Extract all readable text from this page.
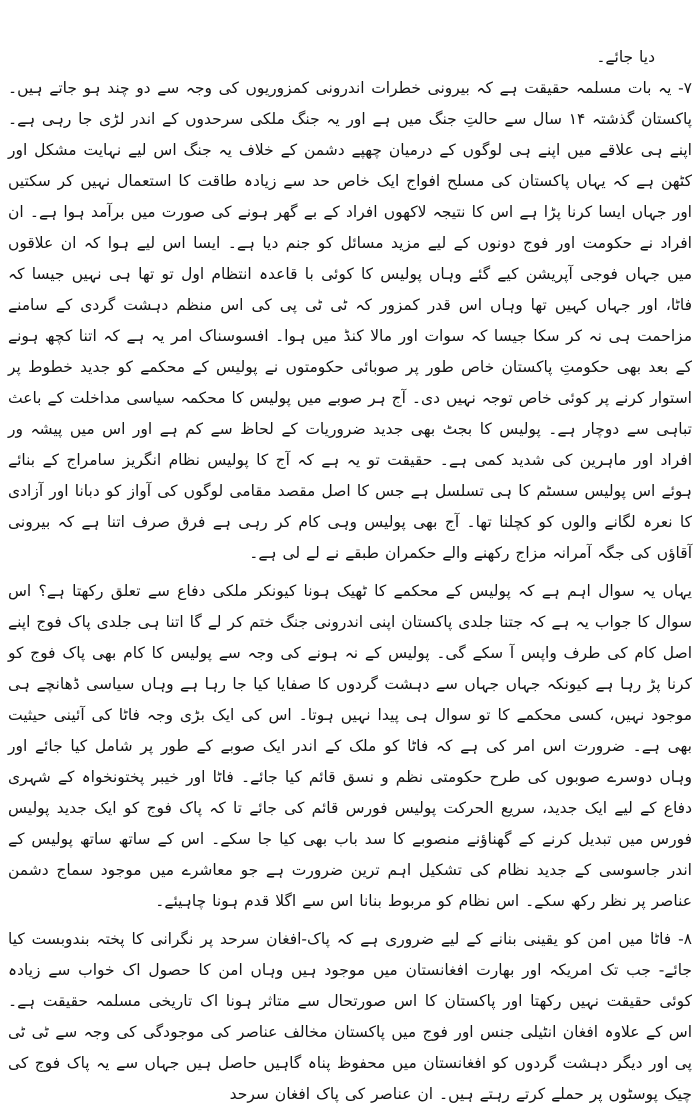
دیا جائے۔

۷- یہ بات مسلمہ حقیقت ہے کہ بیرونی خطرات اندرونی کمزوریوں کی وجہ سے دو چند ہو جاتے ہیں۔ پاکستان گذشتہ ۱۴ سال سے حالتِ جنگ میں ہے اور یہ جنگ ملکی سرحدوں کے اندر لڑی جا رہی ہے۔ اپنے ہی علاقے میں اپنے ہی لوگوں کے درمیان چھپے دشمن کے خلاف یہ جنگ اس لیے نہایت مشکل اور کٹھن ہے کہ یہاں پاکستان کی مسلح افواج ایک خاص حد سے زیادہ طاقت کا استعمال نہیں کر سکتیں اور جہاں ایسا کرنا پڑا ہے اس کا نتیجہ لاکھوں افراد کے بے گھر ہونے کی صورت میں برآمد ہوا ہے۔ ان افراد نے حکومت اور فوج دونوں کے لیے مزید مسائل کو جنم دیا ہے۔ ایسا اس لیے ہوا کہ ان علاقوں میں جہاں فوجی آپریشن کیے گئے وہاں پولیس کا کوئی با قاعدہ انتظام اول تو تھا ہی نہیں جیسا کہ فاٹا، اور جہاں کہیں تھا وہاں اس قدر کمزور کہ ٹی ٹی پی کی اس منظم دہشت گردی کے سامنے مزاحمت ہی نہ کر سکا جیسا کہ سوات اور مالا کنڈ میں ہوا۔ افسوسناک امر یہ ہے کہ اتنا کچھ ہونے کے بعد بھی حکومتِ پاکستان خاص طور پر صوبائی حکومتوں نے پولیس کے محکمے کو جدید خطوط پر استوار کرنے پر کوئی خاص توجہ نہیں دی۔ آج ہر صوبے میں پولیس کا محکمہ سیاسی مداخلت کے باعث تباہی سے دوچار ہے۔ پولیس کا بجٹ بھی جدید ضروریات کے لحاظ سے کم ہے اور اس میں پیشہ ور افراد اور ماہرین کی شدید کمی ہے۔ حقیقت تو یہ ہے کہ آج کا پولیس نظام انگریز سامراج کے بنائے ہوئے اس پولیس سسٹم کا ہی تسلسل ہے جس کا اصل مقصد مقامی لوگوں کی آواز کو دبانا اور آزادی کا نعرہ لگانے والوں کو کچلنا تھا۔ آج بھی پولیس وہی کام کر رہی ہے فرق صرف اتنا ہے کہ بیرونی آقاؤں کی جگہ آمرانہ مزاج رکھنے والے حکمران طبقے نے لے لی ہے۔

یہاں یہ سوال اہم ہے کہ پولیس کے محکمے کا ٹھیک ہونا کیونکر ملکی دفاع سے تعلق رکھتا ہے؟ اس سوال کا جواب یہ ہے کہ جتنا جلدی پاکستان اپنی اندرونی جنگ ختم کر لے گا اتنا ہی جلدی پاک فوج اپنے اصل کام کی طرف واپس آ سکے گی۔ پولیس کے نہ ہونے کی وجہ سے پولیس کا کام بھی پاک فوج کو کرنا پڑ رہا ہے کیونکہ جہاں جہاں سے دہشت گردوں کا صفایا کیا جا رہا ہے وہاں سیاسی ڈھانچے ہی موجود نہیں، کسی محکمے کا تو سوال ہی پیدا نہیں ہوتا۔ اس کی ایک بڑی وجہ فاٹا کی آئینی حیثیت بھی ہے۔ ضرورت اس امر کی ہے کہ فاٹا کو ملک کے اندر ایک صوبے کے طور پر شامل کیا جائے اور وہاں دوسرے صوبوں کی طرح حکومتی نظم و نسق قائم کیا جائے۔ فاٹا اور خیبر پختونخواہ کے شہری دفاع کے لیے ایک جدید، سریع الحرکت پولیس فورس قائم کی جائے تا کہ پاک فوج کو ایک جدید پولیس فورس میں تبدیل کرنے کے گھناؤنے منصوبے کا سد باب بھی کیا جا سکے۔ اس کے ساتھ ساتھ پولیس کے اندر جاسوسی کے جدید نظام کی تشکیل اہم ترین ضرورت ہے جو معاشرے میں موجود سماج دشمن عناصر پر نظر رکھ سکے۔ اس نظام کو مربوط بنانا اس سے اگلا قدم ہونا چاہیئے۔

۸- فاٹا میں امن کو یقینی بنانے کے لیے ضروری ہے کہ پاک-افغان سرحد پر نگرانی کا پختہ بندوبست کیا جائے- جب تک امریکہ اور بھارت افغانستان میں موجود ہیں وہاں امن کا حصول اک خواب سے زیادہ کوئی حقیقت نہیں رکھتا اور پاکستان کا اس صورتحال سے متاثر ہونا اک تاریخی مسلمہ حقیقت ہے۔ اس کے علاوہ افغان انٹیلی جنس اور فوج میں پاکستان مخالف عناصر کی موجودگی کی وجہ سے ٹی ٹی پی اور دیگر دہشت گردوں کو افغانستان میں محفوظ پناہ گاہیں حاصل ہیں جہاں سے یہ پاک فوج کی چیک پوسٹوں پر حملے کرتے رہتے ہیں۔ ان عناصر کی پاک افغان سرحد
